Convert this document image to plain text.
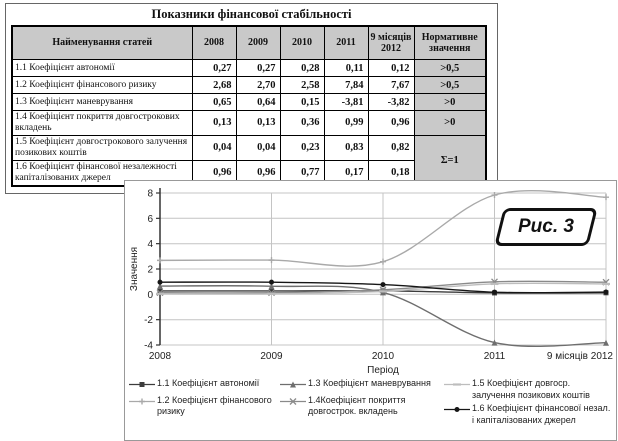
Показники фінансової стабільності
Найменування статей	2008	2009	2010	2011	9 місяців 2012	Нормативне значення
1.1 Коефіцієнт автономії	0,27	0,27	0,28	0,11	0,12	>0,5
1.2 Коефіцієнт фінансового ризику	2,68	2,70	2,58	7,84	7,67	>0,5
1.3 Коефіцієнт маневрування	0,65	0,64	0,15	-3,81	-3,82	>0
1.4 Коефіцієнт покриття довгострокових вкладень	0,13	0,13	0,36	0,99	0,96	>0
1.5 Коефіцієнт довгострокового залучення позикових коштів	0,04	0,04	0,23	0,83	0,82	Σ=1
1.6 Коефіцієнт фінансової незалежності капіталізованих джерел	0,96	0,96	0,77	0,17	0,18	
-4
-2
0
2
4
6
8
2008	2009	2010	2011	9 місяців 2012
Період
Значення
Рис. 3
1.1 Коефіцієнт автономії
1.2 Коефіцієнт фінансового ризику
1.3 Коефіцієнт маневрування
1.4Коефіцієнт покриття довгострок. вкладень
1.5 Коефіцієнт довгоср. залучення позикових коштів
1.6 Коефіцієнт фінансової незал. і капіталізованих джерел
